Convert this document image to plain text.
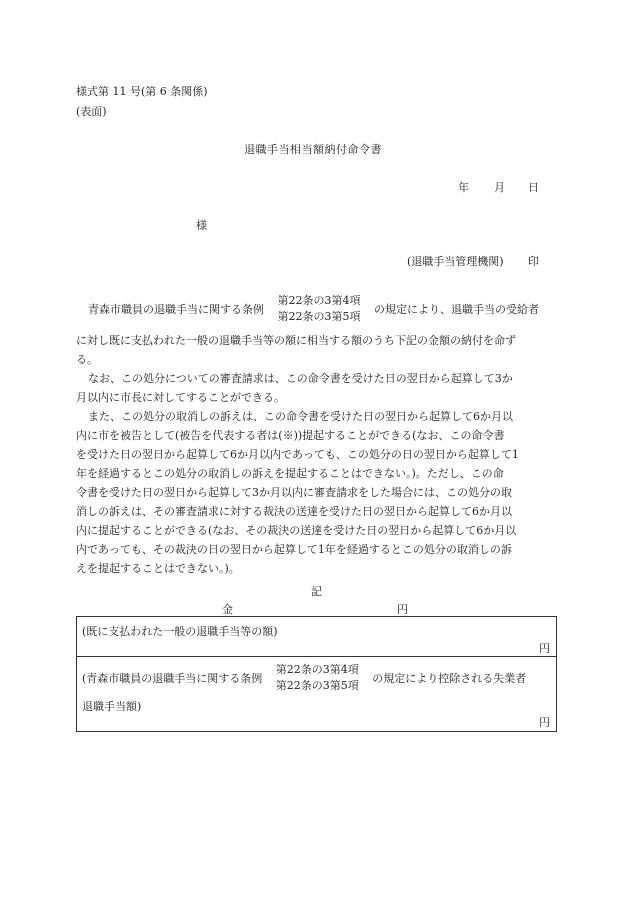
様式第 11 号(第 6 条関係)
(表面)
退職手当相当額納付命令書
年 月 日
様
(退職手当管理機関) 印
青森市職員の退職手当に関する条例
第22条の3第4項
第22条の3第5項
の規定により、退職手当の受給者
に対し既に支払われた一般の退職手当等の額に相当する額のうち下記の金額の納付を命ず
る。
なお、この処分についての審査請求は、この命令書を受けた日の翌日から起算して3か
月以内に市長に対してすることができる。
また、この処分の取消しの訴えは、この命令書を受けた日の翌日から起算して6か月以
内に市を被告として(被告を代表する者は(※))提起することができる(なお、この命令書
を受けた日の翌日から起算して6か月以内であっても、この処分の日の翌日から起算して1
年を経過するとこの処分の取消しの訴えを提起することはできない。)。ただし、この命
令書を受けた日の翌日から起算して3か月以内に審査請求をした場合には、この処分の取
消しの訴えは、その審査請求に対する裁決の送達を受けた日の翌日から起算して6か月以
内に提起することができる(なお、その裁決の送達を受けた日の翌日から起算して6か月以
内であっても、その裁決の日の翌日から起算して1年を経過するとこの処分の取消しの訴
えを提起することはできない。)。
記
金	円
(既に支払われた一般の退職手当等の額)
円
(青森市職員の退職手当に関する条例
第22条の3第4項
第22条の3第5項
の規定により控除される失業者
退職手当額)
円
